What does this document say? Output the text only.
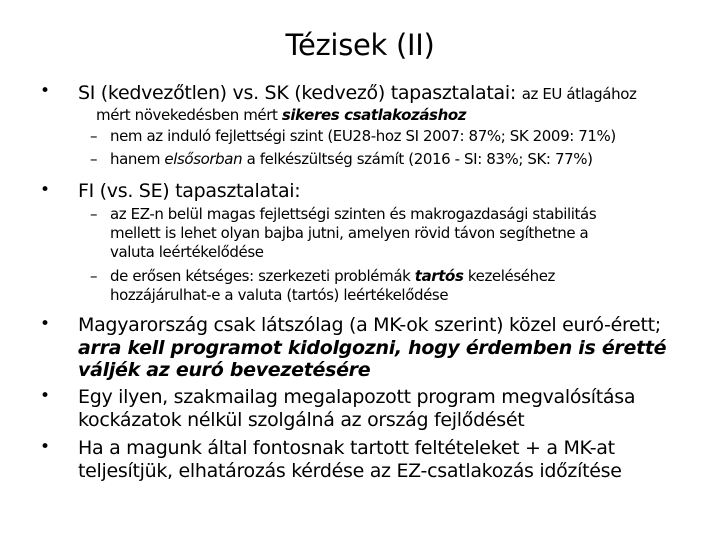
Tézisek (II)
• SI (kedvezőtlen) vs. SK (kedvező) tapasztalatai: az EU átlagához

mért növekedésben mért sikeres csatlakozáshoz

– nem az induló fejlettségi szint (EU28-hoz SI 2007: 87%; SK 2009: 71%)

– hanem elsősorban a felkészültség számít (2016 - SI: 83%; SK: 77%)

• FI (vs. SE) tapasztalatai:

– az EZ-n belül magas fejlettségi szinten és makrogazdasági stabilitás

mellett is lehet olyan bajba jutni, amelyen rövid távon segíthetne a

valuta leértékelődése

– de erősen kétséges: szerkezeti problémák tartós kezeléséhez

hozzájárulhat-e a valuta (tartós) leértékelődése

• Magyarország csak látszólag (a MK-ok szerint) közel euró-érett;

arra kell programot kidolgozni, hogy érdemben is éretté

váljék az euró bevezetésére

• Egy ilyen, szakmailag megalapozott program megvalósítása

kockázatok nélkül szolgálná az ország fejlődését

• Ha a magunk által fontosnak tartott feltételeket + a MK-at

teljesítjük, elhatározás kérdése az EZ-csatlakozás időzítése
